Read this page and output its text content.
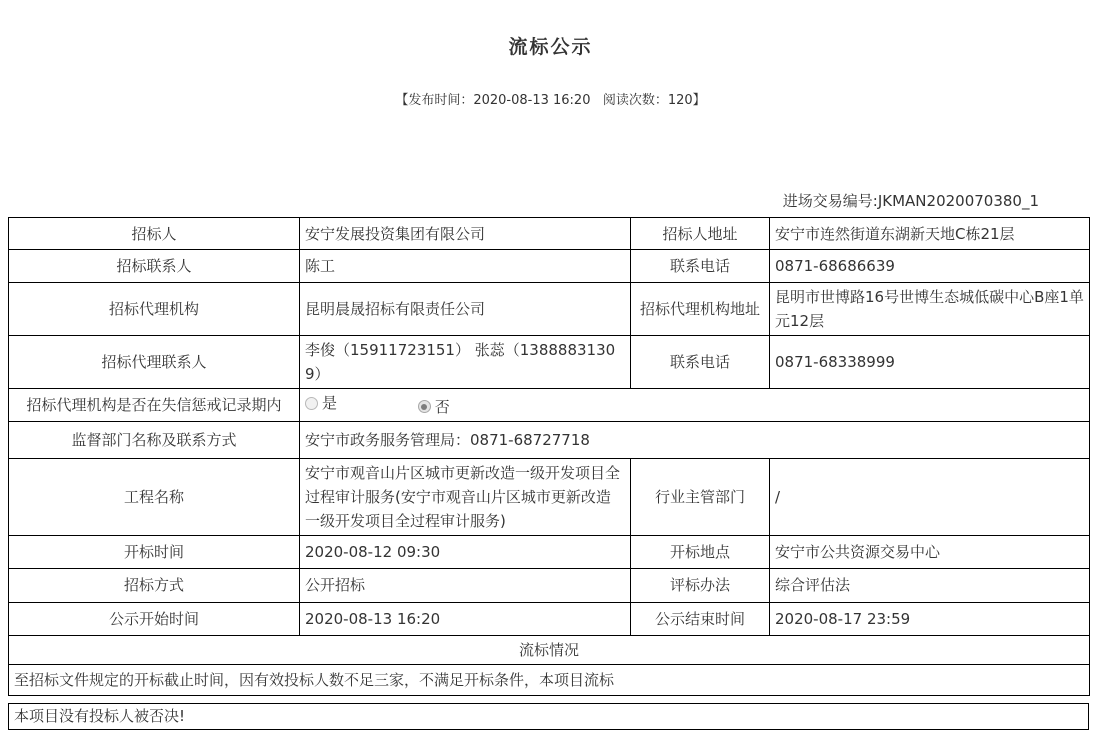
流标公示
【发布时间：2020-08-13 16:20   阅读次数：120】
进场交易编号:JKMAN2020070380_1
招标人	安宁发展投资集团有限公司	招标人地址	安宁市连然街道东湖新天地C栋21层
招标联系人	陈工	联系电话	0871-68686639
招标代理机构	昆明晨晟招标有限责任公司	招标代理机构地址	昆明市世博路16号世博生态城低碳中心B座1单元12层
招标代理联系人	李俊（15911723151） 张蕊（13888831309）	联系电话	0871-68338999
招标代理机构是否在失信惩戒记录期内	是
否		

监督部门名称及联系方式	安宁市政务服务管理局：0871-68727718		
工程名称	安宁市观音山片区城市更新改造一级开发项目全过程审计服务(安宁市观音山片区城市更新改造一级开发项目全过程审计服务)	行业主管部门	/
开标时间	2020-08-12 09:30	开标地点	安宁市公共资源交易中心
招标方式	公开招标	评标办法	综合评估法
公示开始时间	2020-08-13 16:20	公示结束时间	2020-08-17 23:59
流标情况			
至招标文件规定的开标截止时间，因有效投标人数不足三家，不满足开标条件，本项目流标			
本项目没有投标人被否决!
